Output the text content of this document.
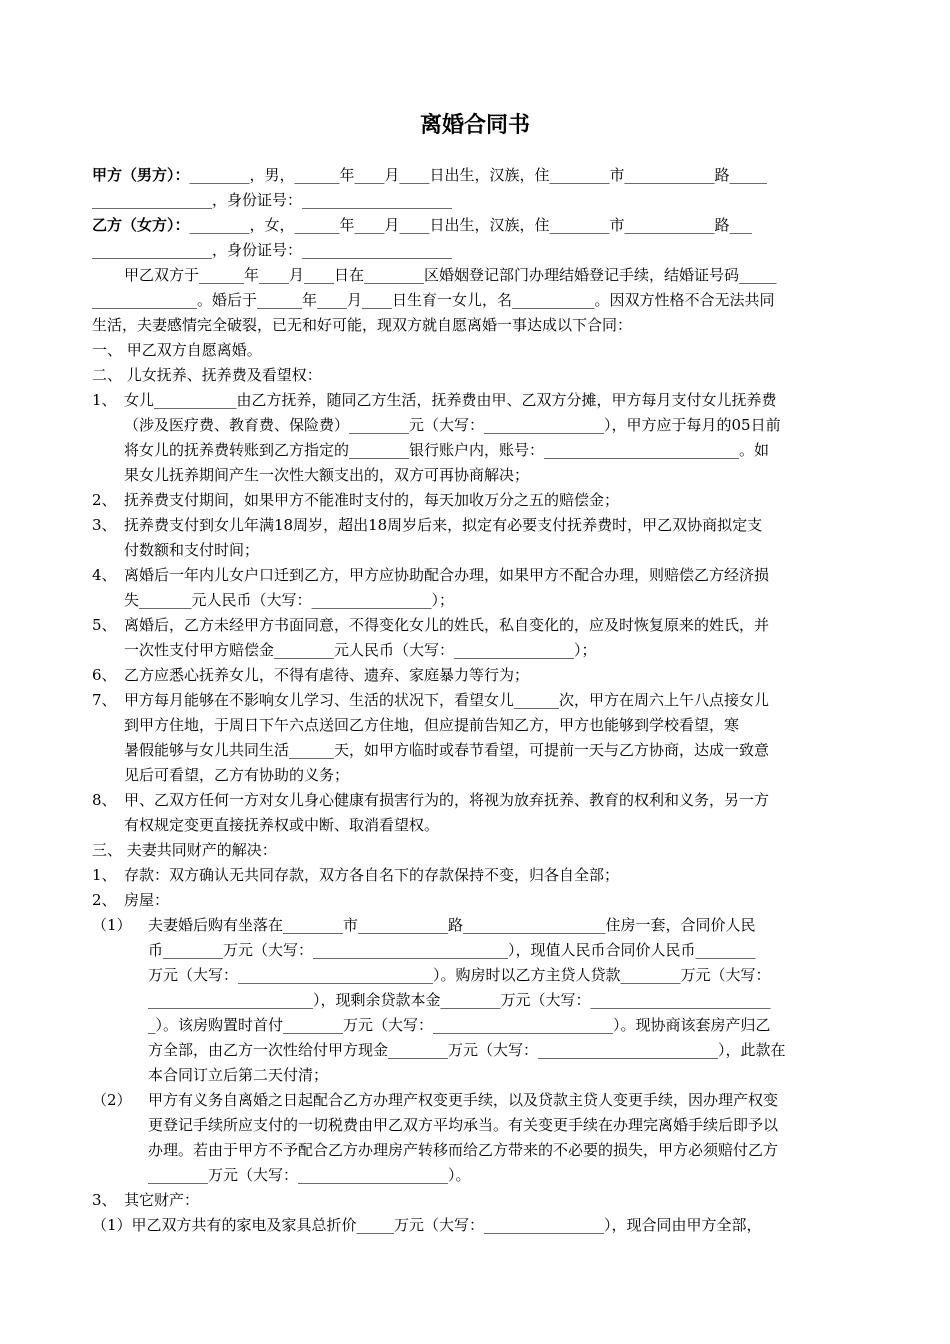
离婚合同书
甲方（男方）：________，男，______年____月____日出生，汉族，住________市____________路_____
________________，身份证号：____________________
乙方（女方）：________，女，______年____月____日出生，汉族，住________市____________路___
________________，身份证号：____________________
甲乙双方于______年____月____日在________区婚姻登记部门办理结婚登记手续，结婚证号码_____
______________。婚后于______年____月____日生育一女儿，名___________。因双方性格不合无法共同
生活，夫妻感情完全破裂，已无和好可能，现双方就自愿离婚一事达成以下合同：
一、 甲乙双方自愿离婚。
二、 儿女抚养、抚养费及看望权：
1、 女儿___________由乙方抚养，随同乙方生活，抚养费由甲、乙双方分摊，甲方每月支付女儿抚养费
（涉及医疗费、教育费、保险费）________元（大写：________________），甲方应于每月的05日前
将女儿的抚养费转账到乙方指定的________银行账户内，账号：__________________________。如
果女儿抚养期间产生一次性大额支出的，双方可再协商解决；
2、 抚养费支付期间，如果甲方不能准时支付的，每天加收万分之五的赔偿金；
3、 抚养费支付到女儿年满18周岁，超出18周岁后来，拟定有必要支付抚养费时，甲乙双协商拟定支
付数额和支付时间；
4、 离婚后一年内儿女户口迁到乙方，甲方应协助配合办理，如果甲方不配合办理，则赔偿乙方经济损
失_______元人民币（大写：________________）；
5、 离婚后，乙方未经甲方书面同意，不得变化女儿的姓氏，私自变化的，应及时恢复原来的姓氏，并
一次性支付甲方赔偿金________元人民币（大写：________________）；
6、 乙方应悉心抚养女儿，不得有虐待、遗弃、家庭暴力等行为；
7、 甲方每月能够在不影响女儿学习、生活的状况下，看望女儿______次，甲方在周六上午八点接女儿
到甲方住地，于周日下午六点送回乙方住地，但应提前告知乙方，甲方也能够到学校看望，寒
暑假能够与女儿共同生活______天，如甲方临时或春节看望，可提前一天与乙方协商，达成一致意
见后可看望，乙方有协助的义务；
8、 甲、乙双方任何一方对女儿身心健康有损害行为的，将视为放弃抚养、教育的权利和义务，另一方
有权规定变更直接抚养权或中断、取消看望权。
三、 夫妻共同财产的解决：
1、 存款：双方确认无共同存款，双方各自名下的存款保持不变，归各自全部；
2、 房屋：
（1） 夫妻婚后购有坐落在________市____________路___________________住房一套，合同价人民
币________万元（大写：__________________________），现值人民币合同价人民币________
万元（大写：__________________________）。购房时以乙方主贷人贷款________万元（大写：
______________________），现剩余贷款本金________万元（大写：________________________
_）。该房购置时首付________万元（大写：________________________）。现协商该套房产归乙
方全部，由乙方一次性给付甲方现金________万元（大写：________________________），此款在
本合同订立后第二天付清；
（2） 甲方有义务自离婚之日起配合乙方办理产权变更手续，以及贷款主贷人变更手续，因办理产权变
更登记手续所应支付的一切税费由甲乙双方平均承当。有关变更手续在办理完离婚手续后即予以
办理。若由于甲方不予配合乙方办理房产转移而给乙方带来的不必要的损失，甲方必须赔付乙方
________万元（大写：____________________）。
3、 其它财产：
（1）甲乙双方共有的家电及家具总折价_____万元（大写：________________），现合同由甲方全部，
